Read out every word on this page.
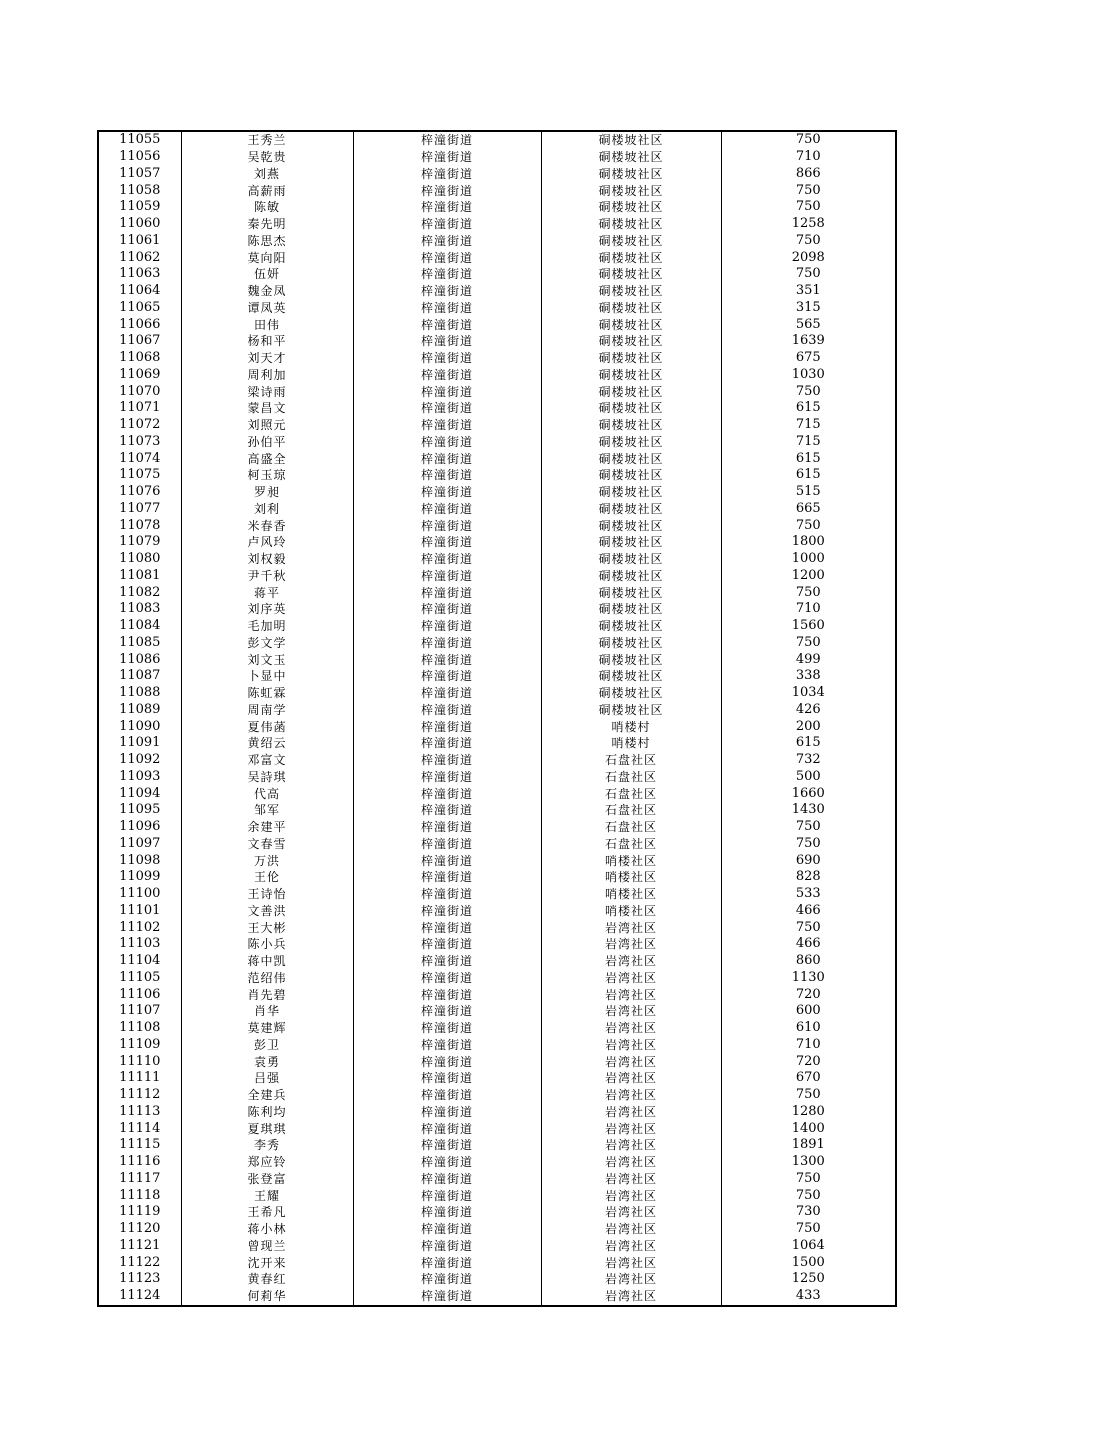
11055	王秀兰	梓潼街道	硐楼坡社区	750
11056	吴乾贵	梓潼街道	硐楼坡社区	710
11057	刘燕	梓潼街道	硐楼坡社区	866
11058	高薪雨	梓潼街道	硐楼坡社区	750
11059	陈敏	梓潼街道	硐楼坡社区	750
11060	秦先明	梓潼街道	硐楼坡社区	1258
11061	陈思杰	梓潼街道	硐楼坡社区	750
11062	莫向阳	梓潼街道	硐楼坡社区	2098
11063	伍妍	梓潼街道	硐楼坡社区	750
11064	魏金凤	梓潼街道	硐楼坡社区	351
11065	谭凤英	梓潼街道	硐楼坡社区	315
11066	田伟	梓潼街道	硐楼坡社区	565
11067	杨和平	梓潼街道	硐楼坡社区	1639
11068	刘天才	梓潼街道	硐楼坡社区	675
11069	周利加	梓潼街道	硐楼坡社区	1030
11070	梁诗雨	梓潼街道	硐楼坡社区	750
11071	蒙昌文	梓潼街道	硐楼坡社区	615
11072	刘照元	梓潼街道	硐楼坡社区	715
11073	孙伯平	梓潼街道	硐楼坡社区	715
11074	高盛全	梓潼街道	硐楼坡社区	615
11075	柯玉琼	梓潼街道	硐楼坡社区	615
11076	罗昶	梓潼街道	硐楼坡社区	515
11077	刘利	梓潼街道	硐楼坡社区	665
11078	米春香	梓潼街道	硐楼坡社区	750
11079	卢风玲	梓潼街道	硐楼坡社区	1800
11080	刘权毅	梓潼街道	硐楼坡社区	1000
11081	尹千秋	梓潼街道	硐楼坡社区	1200
11082	蒋平	梓潼街道	硐楼坡社区	750
11083	刘序英	梓潼街道	硐楼坡社区	710
11084	毛加明	梓潼街道	硐楼坡社区	1560
11085	彭文学	梓潼街道	硐楼坡社区	750
11086	刘文玉	梓潼街道	硐楼坡社区	499
11087	卜显中	梓潼街道	硐楼坡社区	338
11088	陈虹霖	梓潼街道	硐楼坡社区	1034
11089	周南学	梓潼街道	硐楼坡社区	426
11090	夏伟菡	梓潼街道	哨楼村	200
11091	黄绍云	梓潼街道	哨楼村	615
11092	邓富文	梓潼街道	石盘社区	732
11093	吴詩琪	梓潼街道	石盘社区	500
11094	代高	梓潼街道	石盘社区	1660
11095	邹军	梓潼街道	石盘社区	1430
11096	余建平	梓潼街道	石盘社区	750
11097	文春雪	梓潼街道	石盘社区	750
11098	万洪	梓潼街道	哨楼社区	690
11099	王伦	梓潼街道	哨楼社区	828
11100	王诗怡	梓潼街道	哨楼社区	533
11101	文善洪	梓潼街道	哨楼社区	466
11102	王大彬	梓潼街道	岩湾社区	750
11103	陈小兵	梓潼街道	岩湾社区	466
11104	蒋中凯	梓潼街道	岩湾社区	860
11105	范绍伟	梓潼街道	岩湾社区	1130
11106	肖先碧	梓潼街道	岩湾社区	720
11107	肖华	梓潼街道	岩湾社区	600
11108	莫建辉	梓潼街道	岩湾社区	610
11109	彭卫	梓潼街道	岩湾社区	710
11110	袁勇	梓潼街道	岩湾社区	720
11111	吕强	梓潼街道	岩湾社区	670
11112	全建兵	梓潼街道	岩湾社区	750
11113	陈利均	梓潼街道	岩湾社区	1280
11114	夏琪琪	梓潼街道	岩湾社区	1400
11115	李秀	梓潼街道	岩湾社区	1891
11116	郑应铃	梓潼街道	岩湾社区	1300
11117	张登富	梓潼街道	岩湾社区	750
11118	王耀	梓潼街道	岩湾社区	750
11119	王希凡	梓潼街道	岩湾社区	730
11120	蒋小林	梓潼街道	岩湾社区	750
11121	曾现兰	梓潼街道	岩湾社区	1064
11122	沈开来	梓潼街道	岩湾社区	1500
11123	黄春红	梓潼街道	岩湾社区	1250
11124	何莉华	梓潼街道	岩湾社区	433
